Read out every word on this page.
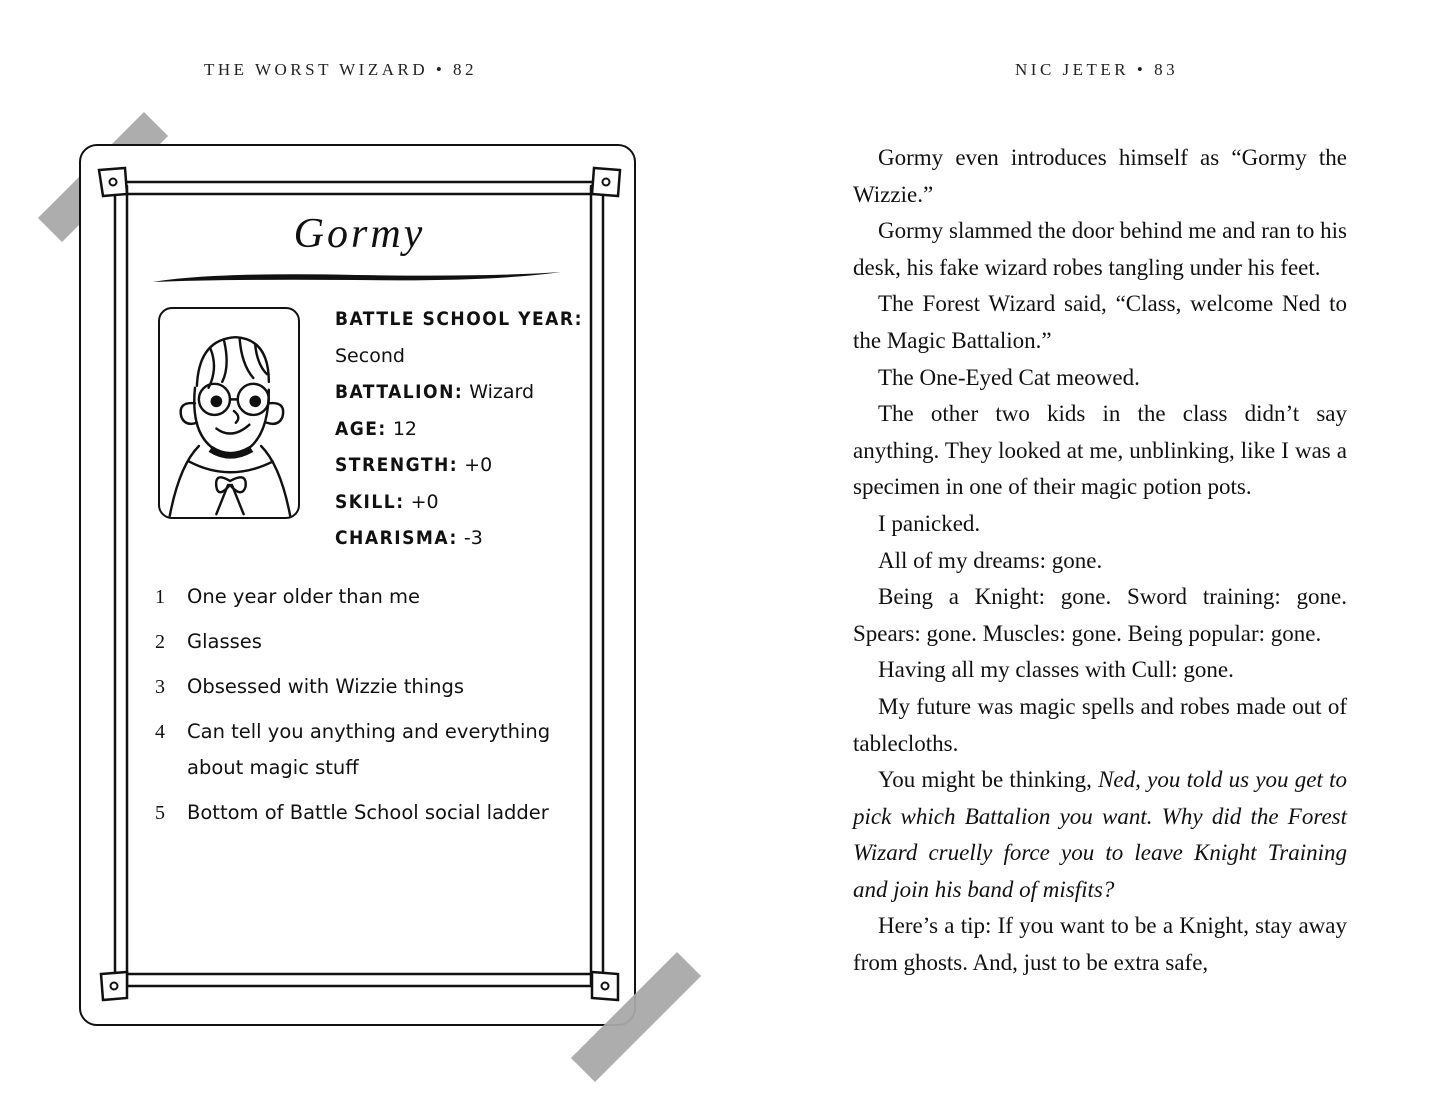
THE WORST WIZARD • 82	NIC JETER • 83
Gormy
BATTLE SCHOOL YEAR:
Second
BATTALION: Wizard
AGE: 12
STRENGTH: +0
SKILL: +0
CHARISMA: -3
1 One year older than me
2 Glasses
3 Obsessed with Wizzie things
4 Can tell you anything and everything about magic stuff
5 Bottom of Battle School social ladder

Gormy even introduces himself as “Gormy the Wizzie.”

Gormy slammed the door behind me and ran to his desk, his fake wizard robes tangling under his feet.

The Forest Wizard said, “Class, welcome Ned to the Magic Battalion.”

The One-Eyed Cat meowed.

The other two kids in the class didn’t say anything. They looked at me, unblinking, like I was a specimen in one of their magic potion pots.

I panicked.

All of my dreams: gone.

Being a Knight: gone. Sword training: gone. Spears: gone. Muscles: gone. Being popular: gone.

Having all my classes with Cull: gone.

My future was magic spells and robes made out of tablecloths.

You might be thinking, Ned, you told us you get to pick which Battalion you want. Why did the Forest Wizard cruelly force you to leave Knight Training and join his band of misfits?

Here’s a tip: If you want to be a Knight, stay away from ghosts. And, just to be extra safe,
